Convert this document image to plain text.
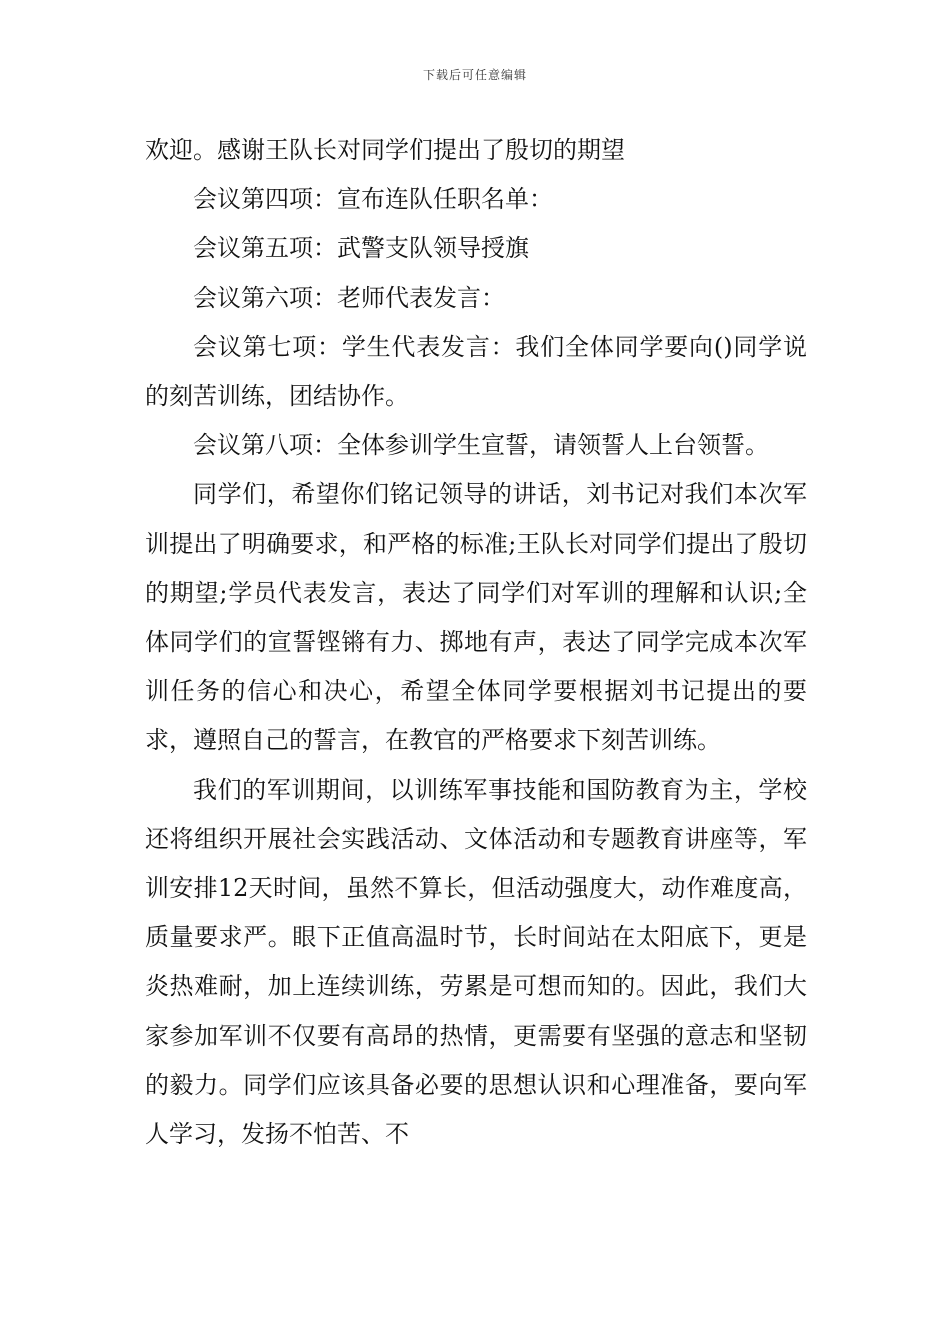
下载后可任意编辑

欢迎。感谢王队长对同学们提出了殷切的期望

会议第四项：宣布连队任职名单：

会议第五项：武警支队领导授旗

会议第六项：老师代表发言：

会议第七项：学生代表发言：我们全体同学要向()同学说的刻苦训练，团结协作。

会议第八项：全体参训学生宣誓，请领誓人上台领誓。

同学们，希望你们铭记领导的讲话，刘书记对我们本次军训提出了明确要求，和严格的标准;王队长对同学们提出了殷切的期望;学员代表发言，表达了同学们对军训的理解和认识;全体同学们的宣誓铿锵有力、掷地有声，表达了同学完成本次军训任务的信心和决心，希望全体同学要根据刘书记提出的要求，遵照自己的誓言，在教官的严格要求下刻苦训练。

我们的军训期间，以训练军事技能和国防教育为主，学校还将组织开展社会实践活动、文体活动和专题教育讲座等，军训安排12天时间，虽然不算长，但活动强度大，动作难度高，质量要求严。眼下正值高温时节，长时间站在太阳底下，更是炎热难耐，加上连续训练，劳累是可想而知的。因此，我们大家参加军训不仅要有高昂的热情，更需要有坚强的意志和坚韧的毅力。同学们应该具备必要的思想认识和心理准备，要向军人学习，发扬不怕苦、不
